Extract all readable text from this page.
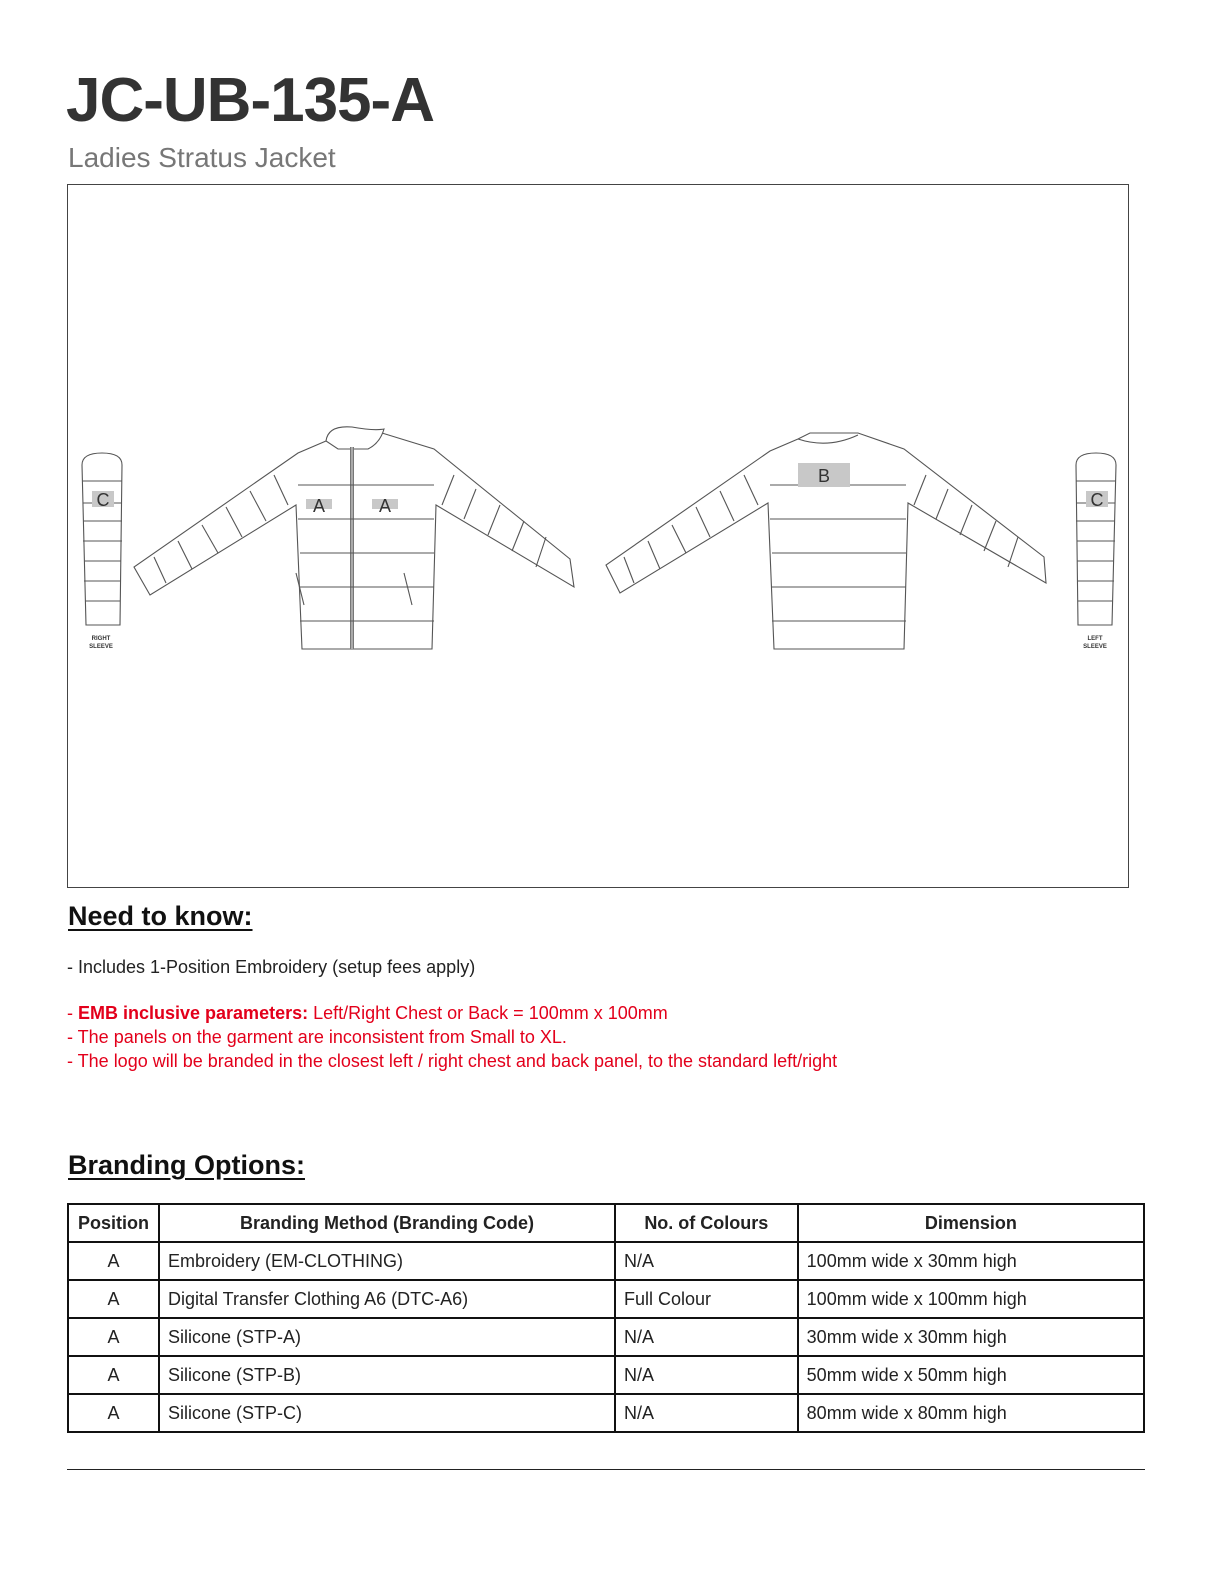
JC-UB-135-A
Ladies Stratus Jacket
C	C
A	A
B
RIGHT
SLEEVE
LEFT
SLEEVE
Need to know:
- Includes 1-Position Embroidery (setup fees apply)
- EMB inclusive parameters: Left/Right Chest or Back = 100mm x 100mm
- The panels on the garment are inconsistent from Small to XL.
- The logo will be branded in the closest left / right chest and back panel, to the standard left/right
Branding Options:
Position	Branding Method (Branding Code)	No. of Colours	Dimension
A	Embroidery (EM-CLOTHING)	N/A	100mm wide x 30mm high
A	Digital Transfer Clothing A6 (DTC-A6)	Full Colour	100mm wide x 100mm high
A	Silicone (STP-A)	N/A	30mm wide x 30mm high
A	Silicone (STP-B)	N/A	50mm wide x 50mm high
A	Silicone (STP-C)	N/A	80mm wide x 80mm high
